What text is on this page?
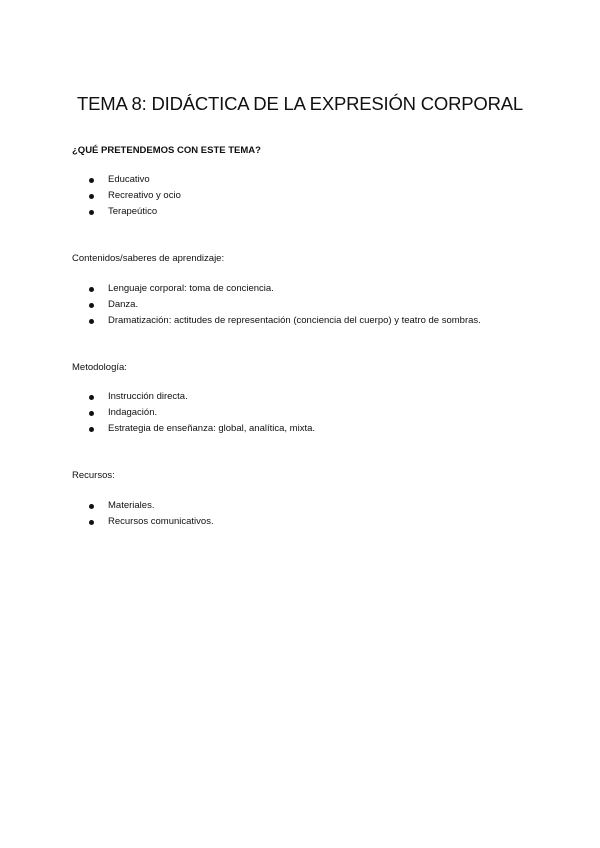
TEMA 8: DIDÁCTICA DE LA EXPRESIÓN CORPORAL
¿QUÉ PRETENDEMOS CON ESTE TEMA?
Educativo
Recreativo y ocio
Terapeútico
Contenidos/saberes de aprendizaje:
Lenguaje corporal: toma de conciencia.
Danza.
Dramatización: actitudes de representación (conciencia del cuerpo) y teatro de sombras.
Metodología:
Instrucción directa.
Indagación.
Estrategia de enseñanza: global, analítica, mixta.
Recursos:
Materiales.
Recursos comunicativos.
